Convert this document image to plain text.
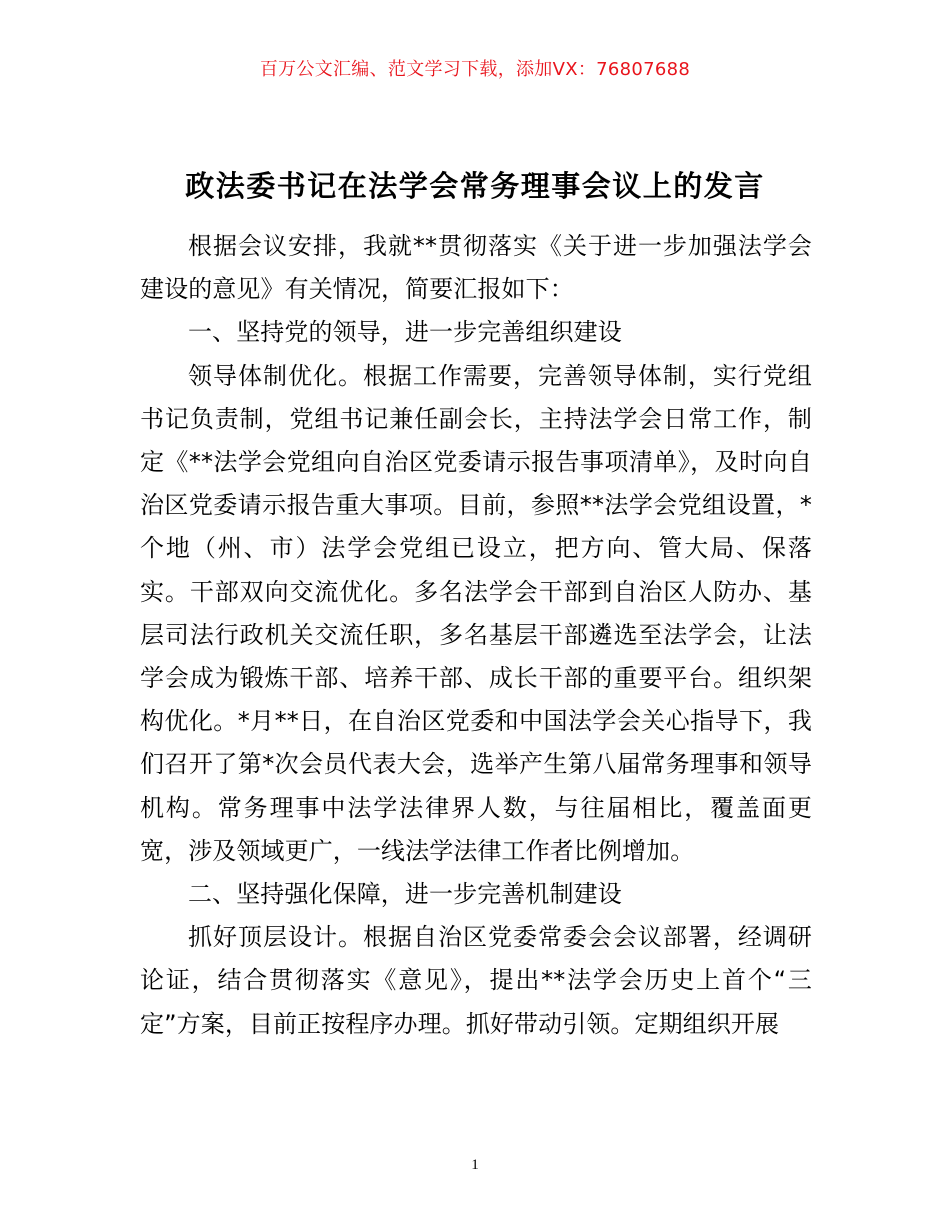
百万公文汇编、范文学习下载，添加VX：76807688
政法委书记在法学会常务理事会议上的发言

根据会议安排，我就**贯彻落实《关于进一步加强法学会建设的意见》有关情况，简要汇报如下：

一、坚持党的领导，进一步完善组织建设

领导体制优化。根据工作需要，完善领导体制，实行党组书记负责制，党组书记兼任副会长，主持法学会日常工作，制定《**法学会党组向自治区党委请示报告事项清单》，及时向自治区党委请示报告重大事项。目前，参照**法学会党组设置，*个地（州、市）法学会党组已设立，把方向、管大局、保落实。干部双向交流优化。多名法学会干部到自治区人防办、基层司法行政机关交流任职，多名基层干部遴选至法学会，让法学会成为锻炼干部、培养干部、成长干部的重要平台。组织架构优化。*月**日，在自治区党委和中国法学会关心指导下，我们召开了第*次会员代表大会，选举产生第八届常务理事和领导机构。常务理事中法学法律界人数，与往届相比，覆盖面更宽，涉及领域更广，一线法学法律工作者比例增加。

二、坚持强化保障，进一步完善机制建设

抓好顶层设计。根据自治区党委常委会会议部署，经调研论证，结合贯彻落实《意见》，提出**法学会历史上首个“三定”方案，目前正按程序办理。抓好带动引领。定期组织开展

1
